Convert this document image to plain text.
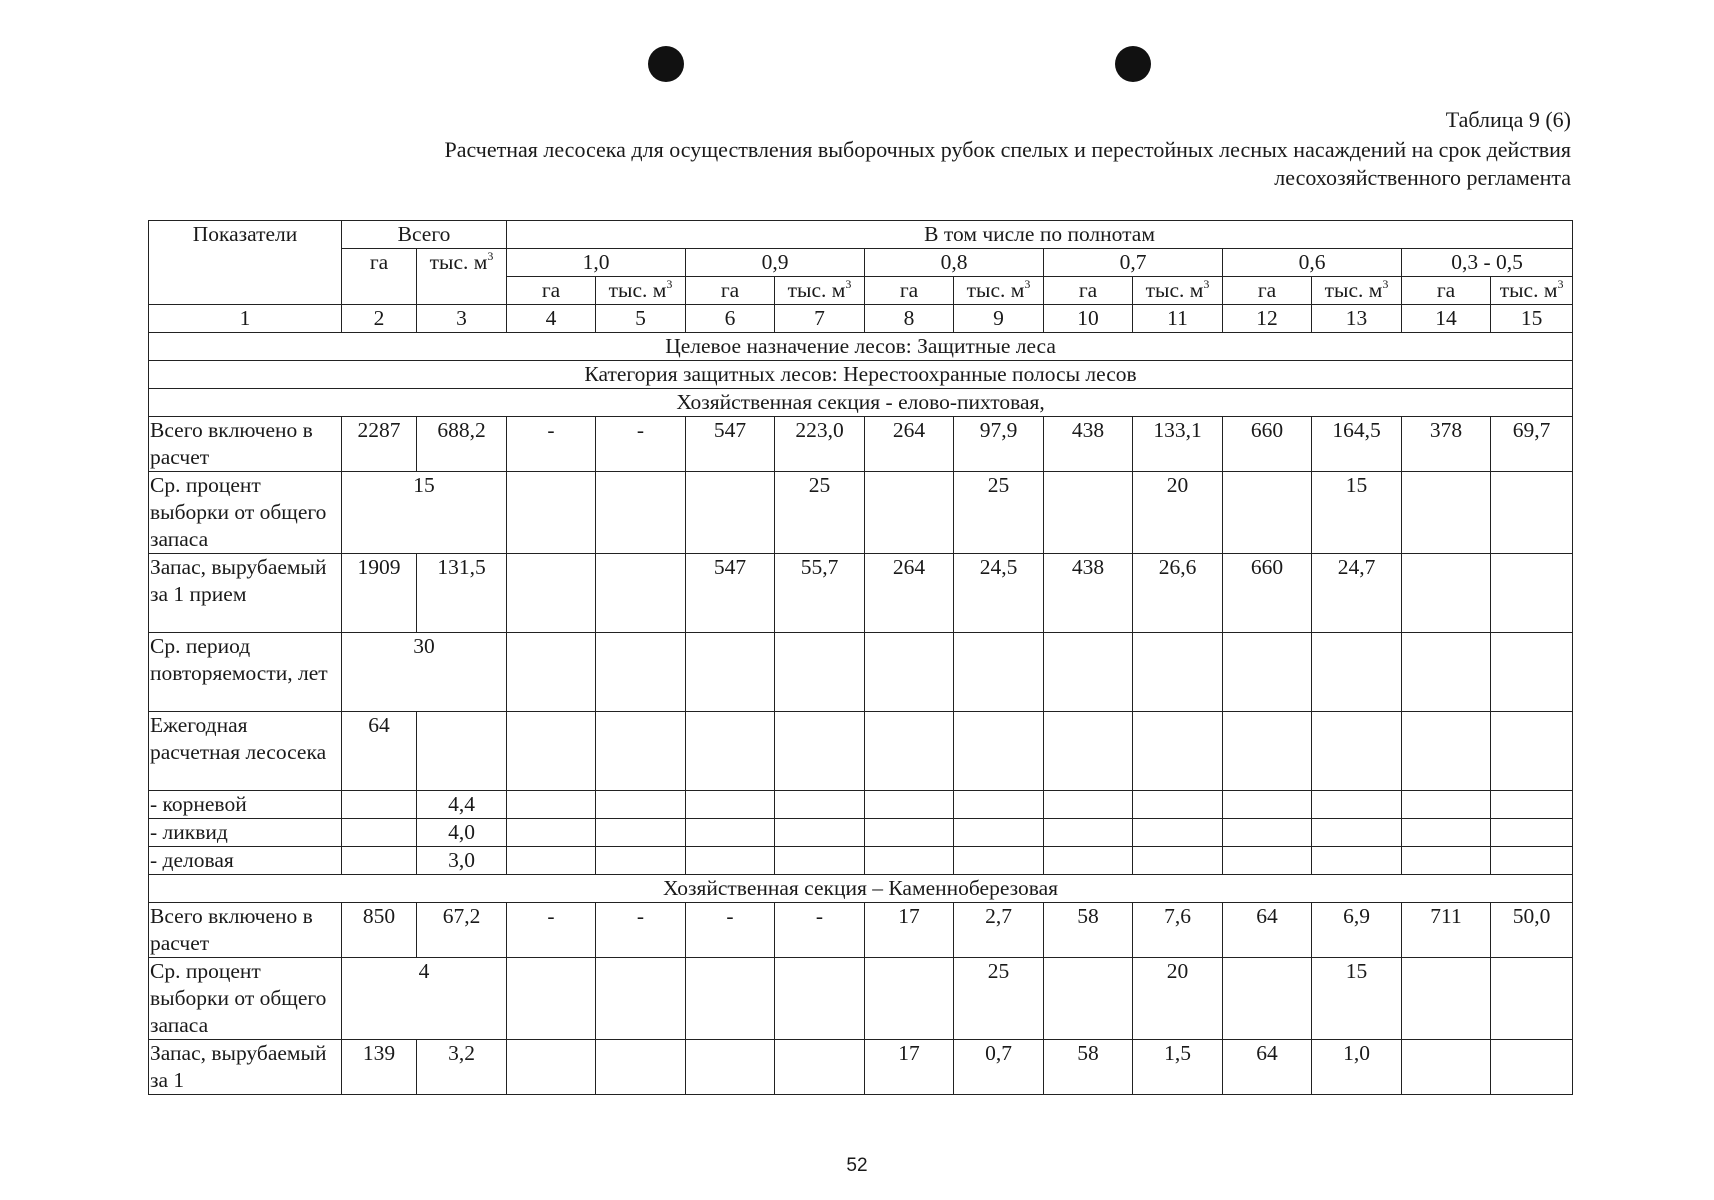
Таблица 9 (6)
Расчетная лесосека для осуществления выборочных рубок спелых и перестойных лесных насаждений на срок действия лесохозяйственного регламента
Показатели	Всего		В том числе по полнотам											
	га	тыс. $м^3$	1,0		0,9		0,8		0,7		0,6		0,3 - 0,5	
			га	тыс. $м^3$	га	тыс. $м^3$	га	тыс. $м^3$	га	тыс. $м^3$	га	тыс. $м^3$	га	тыс. $м^3$
1	2	3	4	5	6	7	8	9	10	11	12	13	14	15
Целевое назначение лесов: Защитные леса														
Категория защитных лесов: Нерестоохранные полосы лесов														
Хозяйственная секция - елово-пихтовая,														
Всего включено в расчет	2287	688,2	-	-	547	223,0	264	97,9	438	133,1	660	164,5	378	69,7
Ср. процент выборки от общего запаса	15					25		25		20		15		
Запас, вырубаемый за 1 прием	1909	131,5			547	55,7	264	24,5	438	26,6	660	24,7		
Ср. период повторяемости, лет	30													
Ежегодная расчетная лесосека	64													
- корневой		4,4												
- ликвид		4,0												
- деловая		3,0												
Хозяйственная секция – Каменноберезовая														
Всего включено в расчет	850	67,2	-	-	-	-	17	2,7	58	7,6	64	6,9	711	50,0
Ср. процент выборки от общего запаса	4							25		20		15		
Запас, вырубаемый за 1	139	3,2					17	0,7	58	1,5	64	1,0		
52
